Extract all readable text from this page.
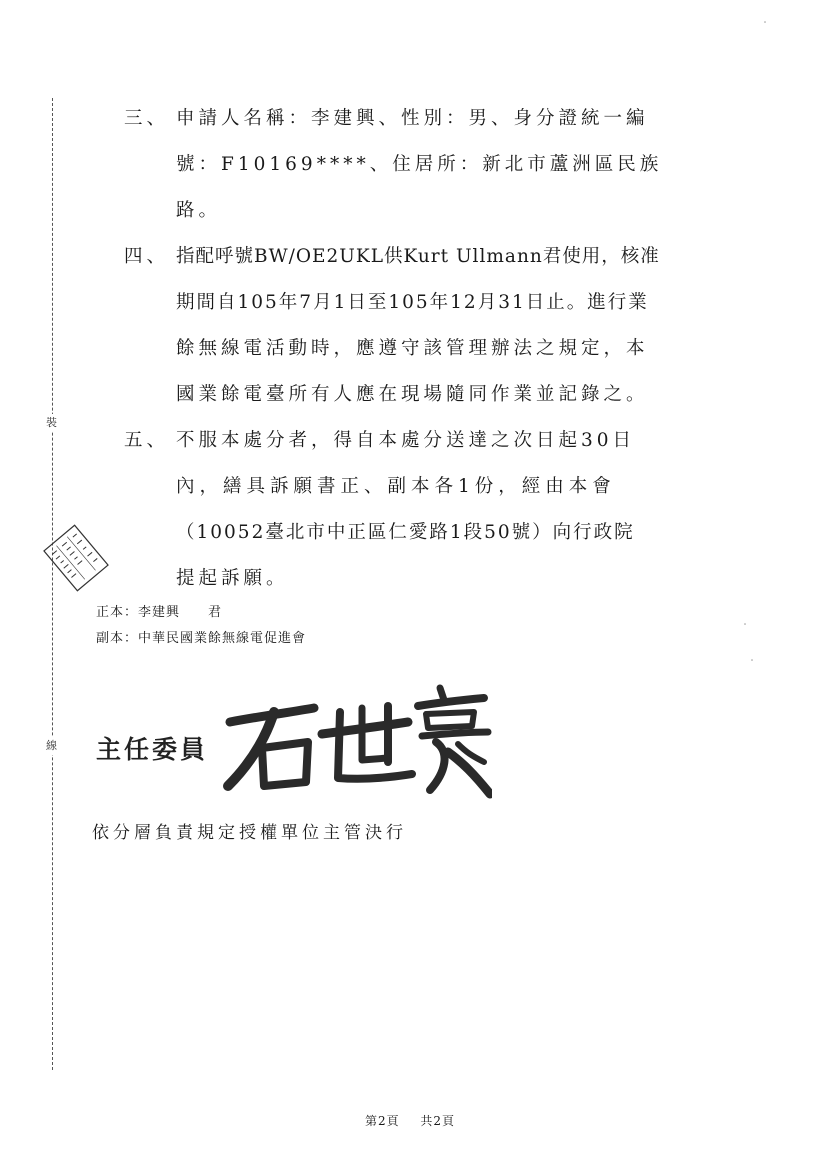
裝
線
三、 申請人名稱：李建興、性別：男、身分證統一編
號：F10169****、住居所：新北市蘆洲區民族
路。
四、 指配呼號BW/OE2UKL供Kurt Ullmann君使用，核准
期間自105年7月1日至105年12月31日止。進行業
餘無線電活動時，應遵守該管理辦法之規定，本
國業餘電臺所有人應在現場隨同作業並記錄之。
五、 不服本處分者，得自本處分送達之次日起30日
內，繕具訴願書正、副本各1份，經由本會
（10052臺北市中正區仁愛路1段50號）向行政院
提起訴願。
正本：李建興　　君
副本：中華民國業餘無線電促進會
主任委員
依分層負責規定授權單位主管決行
第2頁 共2頁
